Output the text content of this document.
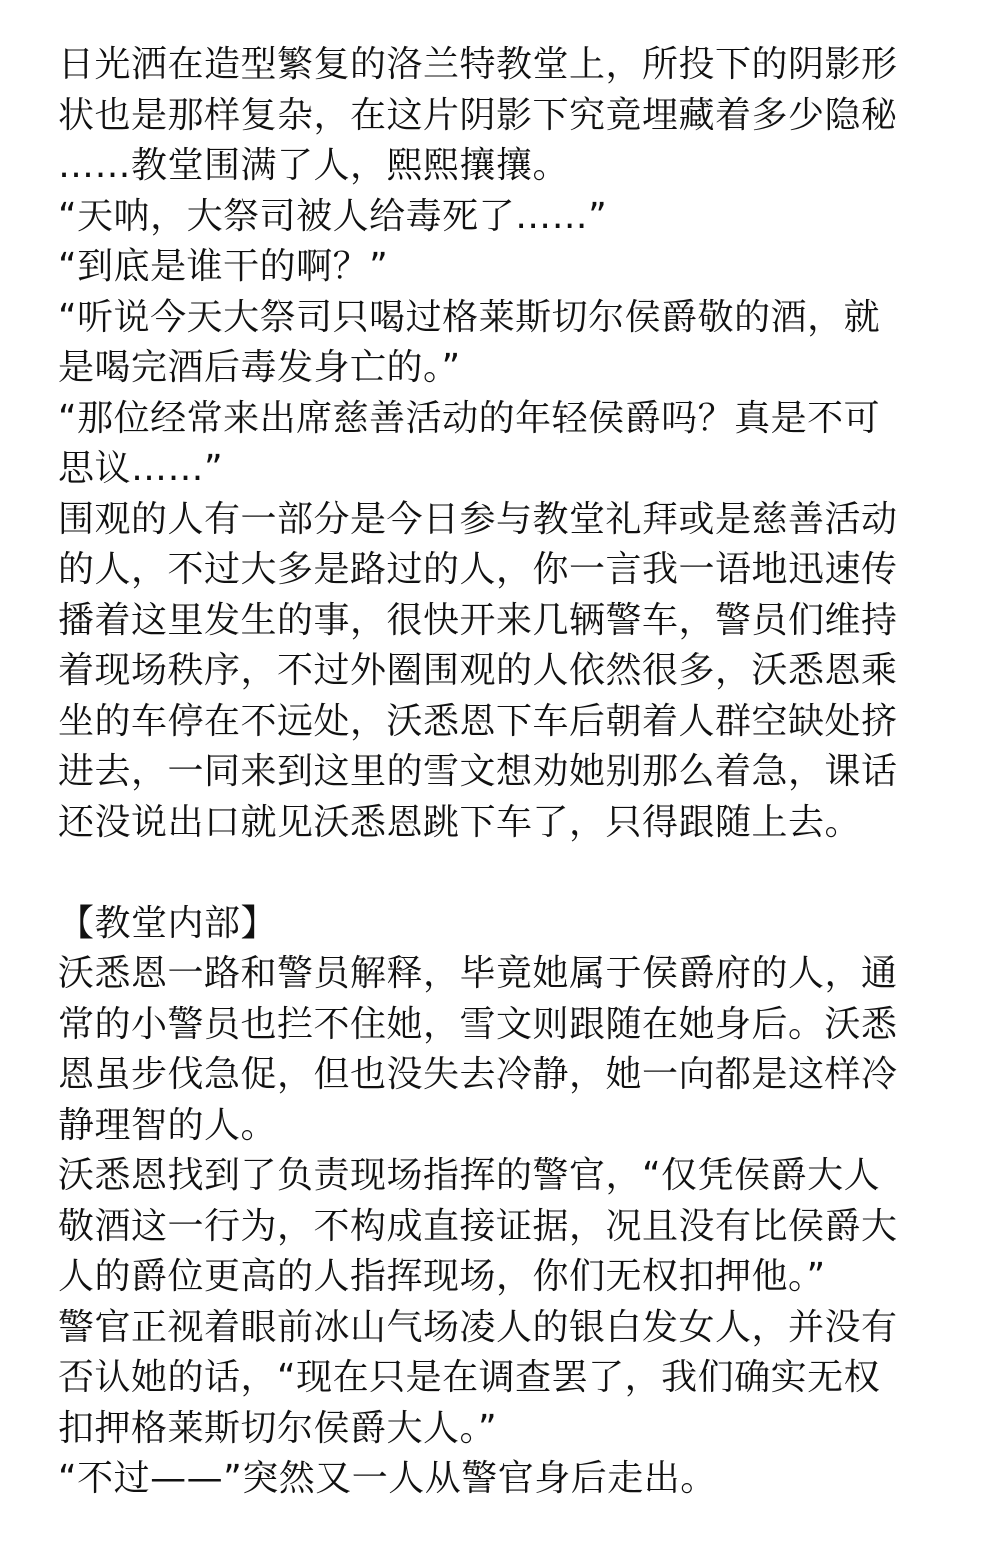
日光洒在造型繁复的洛兰特教堂上，所投下的阴影形
状也是那样复杂，在这片阴影下究竟埋藏着多少隐秘
……教堂围满了人，熙熙攘攘。

“天呐，大祭司被人给毒死了……”

“到底是谁干的啊？”

“听说今天大祭司只喝过格莱斯切尔侯爵敬的酒，就
是喝完酒后毒发身亡的。”

“那位经常来出席慈善活动的年轻侯爵吗？真是不可
思议……”

围观的人有一部分是今日参与教堂礼拜或是慈善活动
的人，不过大多是路过的人，你一言我一语地迅速传
播着这里发生的事，很快开来几辆警车，警员们维持
着现场秩序，不过外圈围观的人依然很多，沃悉恩乘
坐的车停在不远处，沃悉恩下车后朝着人群空缺处挤
进去，一同来到这里的雪文想劝她别那么着急，课话
还没说出口就见沃悉恩跳下车了，只得跟随上去。

【教堂内部】

沃悉恩一路和警员解释，毕竟她属于侯爵府的人，通
常的小警员也拦不住她，雪文则跟随在她身后。沃悉
恩虽步伐急促，但也没失去冷静，她一向都是这样冷
静理智的人。

沃悉恩找到了负责现场指挥的警官，“仅凭侯爵大人
敬酒这一行为，不构成直接证据，况且没有比侯爵大
人的爵位更高的人指挥现场，你们无权扣押他。”

警官正视着眼前冰山气场凌人的银白发女人，并没有
否认她的话，“现在只是在调查罢了，我们确实无权
扣押格莱斯切尔侯爵大人。”

“不过——”突然又一人从警官身后走出。
